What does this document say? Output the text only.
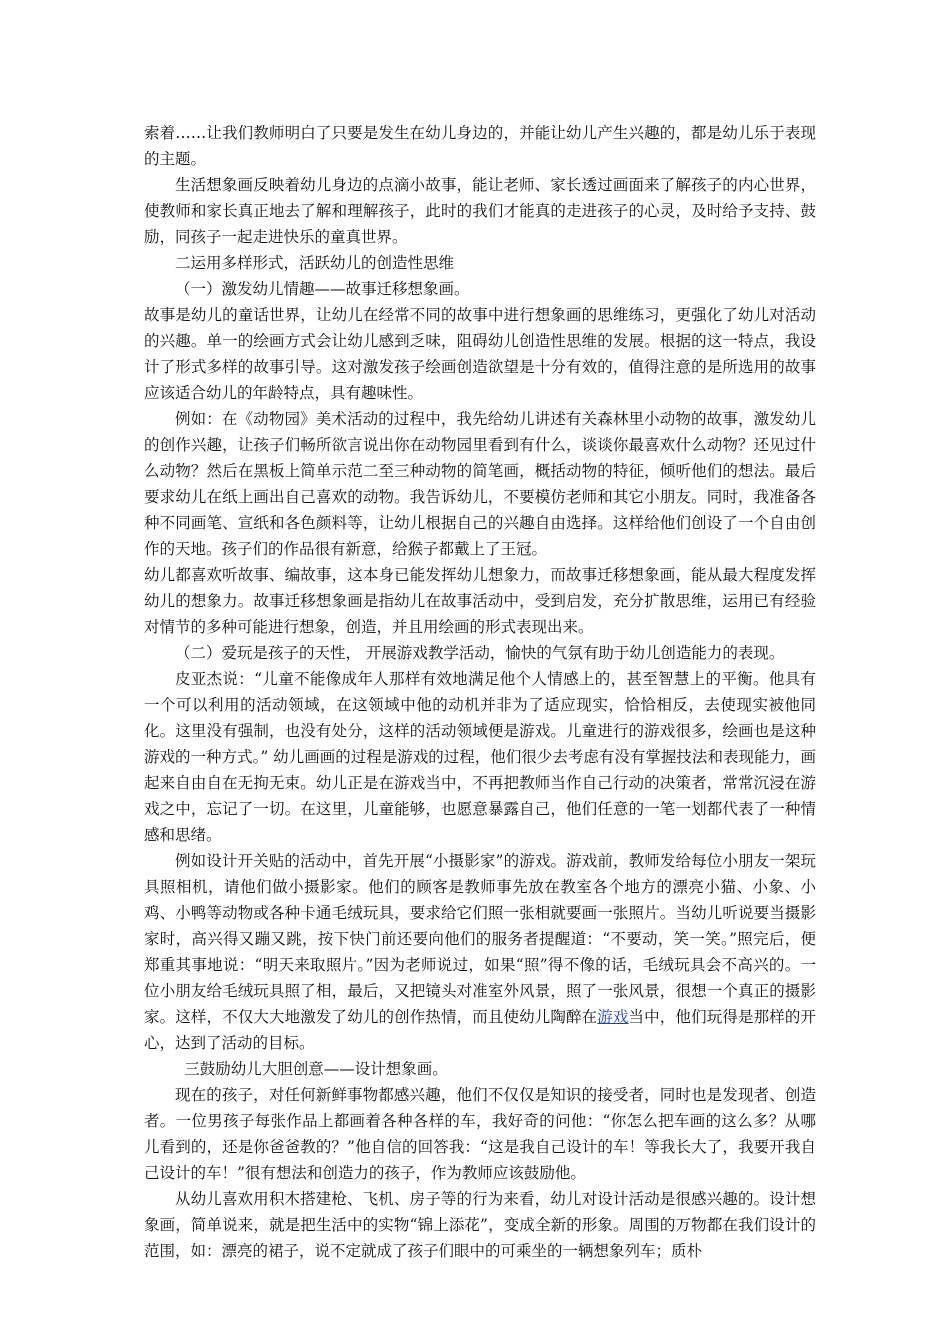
索着……让我们教师明白了只要是发生在幼儿身边的，并能让幼儿产生兴趣的，都是幼儿乐于表现的主题。

生活想象画反映着幼儿身边的点滴小故事，能让老师、家长透过画面来了解孩子的内心世界，使教师和家长真正地去了解和理解孩子，此时的我们才能真的走进孩子的心灵，及时给予支持、鼓励，同孩子一起走进快乐的童真世界。

二运用多样形式，活跃幼儿的创造性思维

（一）激发幼儿情趣——故事迁移想象画。

故事是幼儿的童话世界，让幼儿在经常不同的故事中进行想象画的思维练习，更强化了幼儿对活动的兴趣。单一的绘画方式会让幼儿感到乏味，阻碍幼儿创造性思维的发展。根据的这一特点，我设计了形式多样的故事引导。这对激发孩子绘画创造欲望是十分有效的，值得注意的是所选用的故事应该适合幼儿的年龄特点，具有趣味性。

例如：在《动物园》美术活动的过程中，我先给幼儿讲述有关森林里小动物的故事，激发幼儿的创作兴趣，让孩子们畅所欲言说出你在动物园里看到有什么，谈谈你最喜欢什么动物？还见过什么动物？然后在黑板上简单示范二至三种动物的简笔画，概括动物的特征，倾听他们的想法。最后要求幼儿在纸上画出自己喜欢的动物。我告诉幼儿，不要模仿老师和其它小朋友。同时，我准备各种不同画笔、宣纸和各色颜料等，让幼儿根据自己的兴趣自由选择。这样给他们创设了一个自由创作的天地。孩子们的作品很有新意，给猴子都戴上了王冠。

幼儿都喜欢听故事、编故事，这本身已能发挥幼儿想象力，而故事迁移想象画，能从最大程度发挥幼儿的想象力。故事迁移想象画是指幼儿在故事活动中，受到启发，充分扩散思维，运用已有经验对情节的多种可能进行想象，创造，并且用绘画的形式表现出来。

（二）爱玩是孩子的天性， 开展游戏教学活动，愉快的气氛有助于幼儿创造能力的表现。

皮亚杰说：“儿童不能像成年人那样有效地满足他个人情感上的，甚至智慧上的平衡。他具有一个可以利用的活动领域，在这领域中他的动机并非为了适应现实，恰恰相反，去使现实被他同化。这里没有强制，也没有处分，这样的活动领域便是游戏。儿童进行的游戏很多，绘画也是这种游戏的一种方式。” 幼儿画画的过程是游戏的过程，他们很少去考虑有没有掌握技法和表现能力，画起来自由自在无拘无束。幼儿正是在游戏当中，不再把教师当作自己行动的决策者，常常沉浸在游戏之中，忘记了一切。在这里，儿童能够，也愿意暴露自己，他们任意的一笔一划都代表了一种情感和思绪。

例如设计开关贴的活动中，首先开展“小摄影家”的游戏。游戏前，教师发给每位小朋友一架玩具照相机，请他们做小摄影家。他们的顾客是教师事先放在教室各个地方的漂亮小猫、小象、小鸡、小鸭等动物或各种卡通毛绒玩具，要求给它们照一张相就要画一张照片。当幼儿听说要当摄影家时，高兴得又蹦又跳，按下快门前还要向他们的服务者提醒道：“不要动，笑一笑。”照完后，便郑重其事地说：“明天来取照片。”因为老师说过，如果“照”得不像的话，毛绒玩具会不高兴的。一位小朋友给毛绒玩具照了相，最后，又把镜头对准室外风景，照了一张风景，很想一个真正的摄影家。这样，不仅大大地激发了幼儿的创作热情，而且使幼儿陶醉在游戏当中，他们玩得是那样的开心，达到了活动的目标。

三鼓励幼儿大胆创意——设计想象画。

现在的孩子，对任何新鲜事物都感兴趣，他们不仅仅是知识的接受者，同时也是发现者、创造者。一位男孩子每张作品上都画着各种各样的车，我好奇的问他：“你怎么把车画的这么多？从哪儿看到的，还是你爸爸教的？”他自信的回答我：“这是我自己设计的车！等我长大了，我要开我自己设计的车！”很有想法和创造力的孩子，作为教师应该鼓励他。

从幼儿喜欢用积木搭建枪、飞机、房子等的行为来看，幼儿对设计活动是很感兴趣的。设计想象画，简单说来，就是把生活中的实物“锦上添花”，变成全新的形象。周围的万物都在我们设计的范围，如：漂亮的裙子，说不定就成了孩子们眼中的可乘坐的一辆想象列车；质朴
